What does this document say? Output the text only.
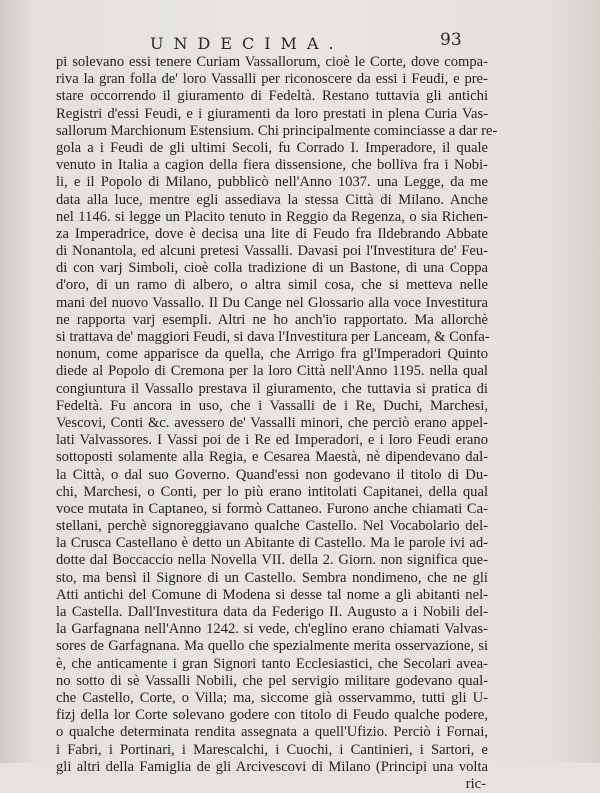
UNDECIMA.	93
pi solevano essi tenere Curiam Vassallorum, cioè le Corte, dove compa-
riva la gran folla de' loro Vassalli per riconoscere da essi i Feudi, e pre-
stare occorrendo il giuramento di Fedeltà. Restano tuttavia gli antichi
Registri d'essi Feudi, e i giuramenti da loro prestati in plena Curia Vas-
sallorum Marchionum Estensium. Chi principalmente cominciasse a dar re-
gola a i Feudi de gli ultimi Secoli, fu Corrado I. Imperadore, il quale
venuto in Italia a cagion della fiera dissensione, che bolliva fra i Nobi-
li, e il Popolo di Milano, pubblicò nell'Anno 1037. una Legge, da me
data alla luce, mentre egli assediava la stessa Città di Milano. Anche
nel 1146. si legge un Placito tenuto in Reggio da Regenza, o sia Richen-
za Imperadrice, dove è decisa una lite di Feudo fra Ildebrando Abbate
di Nonantola, ed alcuni pretesi Vassalli. Davasi poi l'Investitura de' Feu-
di con varj Simboli, cioè colla tradizione di un Bastone, di una Coppa
d'oro, di un ramo di albero, o altra simil cosa, che si metteva nelle
mani del nuovo Vassallo. Il Du Cange nel Glossario alla voce Investitura
ne rapporta varj esempli. Altri ne ho anch'io rapportato. Ma allorchè
si trattava de' maggiori Feudi, si dava l'Investitura per Lanceam, & Confa-
nonum, come apparisce da quella, che Arrigo fra gl'Imperadori Quinto
diede al Popolo di Cremona per la loro Città nell'Anno 1195. nella qual
congiuntura il Vassallo prestava il giuramento, che tuttavia si pratica di
Fedeltà. Fu ancora in uso, che i Vassalli de i Re, Duchi, Marchesi,
Vescovi, Conti &c. avessero de' Vassalli minori, che perciò erano appel-
lati Valvassores. I Vassi poi de i Re ed Imperadori, e i loro Feudi erano
sottoposti solamente alla Regia, e Cesarea Maestà, nè dipendevano dal-
la Città, o dal suo Governo. Quand'essi non godevano il titolo di Du-
chi, Marchesi, o Conti, per lo più erano intitolati Capitanei, della qual
voce mutata in Captaneo, si formò Cattaneo. Furono anche chiamati Ca-
stellani, perchè signoreggiavano qualche Castello. Nel Vocabolario del-
la Crusca Castellano è detto un Abitante di Castello. Ma le parole ivi ad-
dotte dal Boccaccio nella Novella VII. della 2. Giorn. non significa que-
sto, ma bensì il Signore di un Castello. Sembra nondimeno, che ne gli
Atti antichi del Comune di Modena si desse tal nome a gli abitanti nel-
la Castella. Dall'Investitura data da Federigo II. Augusto a i Nobili del-
la Garfagnana nell'Anno 1242. si vede, ch'eglino erano chiamati Valvas-
sores de Garfagnana. Ma quello che spezialmente merita osservazione, si
è, che anticamente i gran Signori tanto Ecclesiastici, che Secolari avea-
no sotto di sè Vassalli Nobili, che pel servigio militare godevano qual-
che Castello, Corte, o Villa; ma, siccome già osservammo, tutti gli U-
fizj della lor Corte solevano godere con titolo di Feudo qualche podere,
o qualche determinata rendita assegnata a quell'Ufizio. Perciò i Fornai,
i Fabri, i Portinari, i Marescalchi, i Cuochi, i Cantinieri, i Sartori, e
gli altri della Famiglia de gli Arcivescovi di Milano (Principi una volta
ric-
